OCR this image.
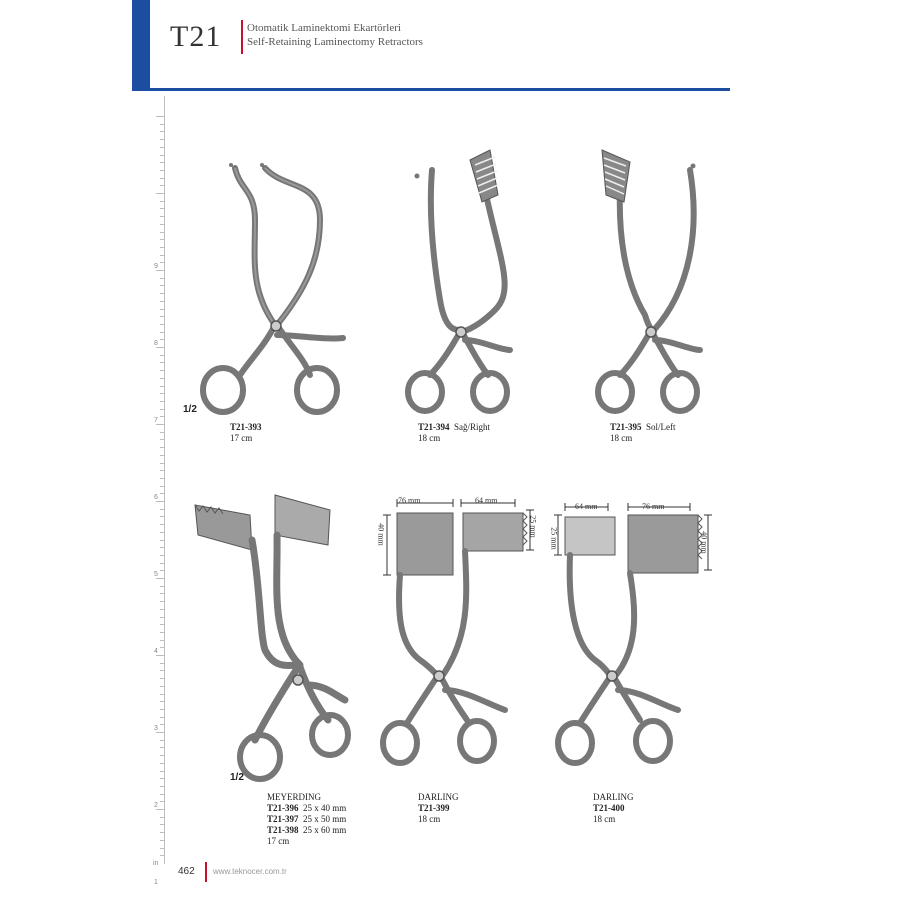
T21 Otomatik Laminektomi Ekartörleri
Self-Retaining Laminectomy Retractors
9
8
7
6
5
4
3
2
1
in
1/2
T21-393
17 cm
T21-394 Sağ/Right
18 cm
T21-395 Sol/Left
18 cm
1/2
MEYERDING
T21-396 25 x 40 mm
T21-397 25 x 50 mm
T21-398 25 x 60 mm
17 cm
76 mm	64 mm
40 mm	25 mm
DARLING
T21-399
18 cm
64 mm	76 mm
25 mm	40 mm
DARLING
T21-400
18 cm
462 www.teknocer.com.tr
